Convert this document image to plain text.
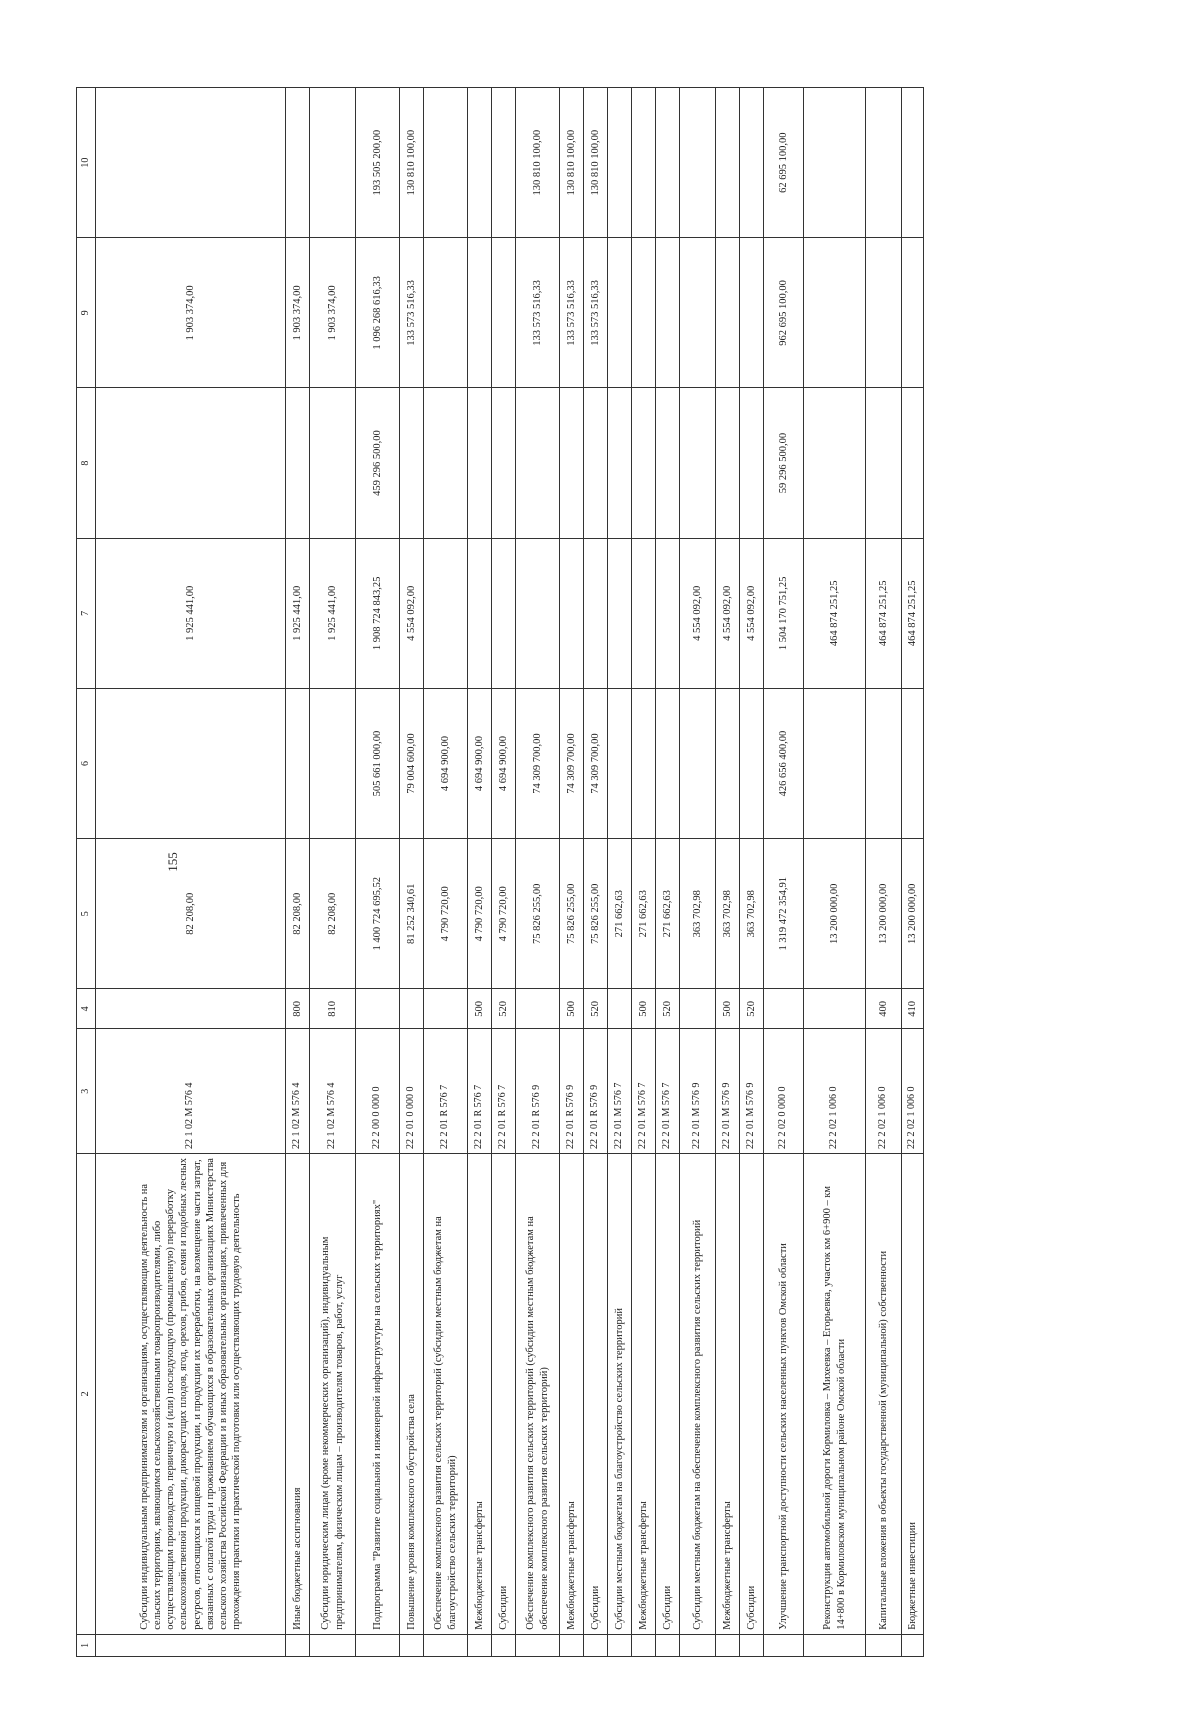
155
1	2	3	4	5	6	7	8	9	10
	Субсидии индивидуальным предпринимателям и организациям, осуществляющим деятельность на сельских территориях, являющимся сельскохозяйственными товаропроизводителями, либо осуществляющим производство, первичную и (или) последующую (промышленную) переработку сельскохозяйственной продукции, дикорастущих плодов, ягод, орехов, грибов, семян и подобных лесных ресурсов, относящихся к пищевой продукции, и продукции их переработки, на возмещение части затрат, связанных с оплатой труда и проживанием обучающихся в образовательных организациях Министерства сельского хозяйства Российской Федерации и в иных образовательных организациях, привлеченных для прохождения практики и практической подготовки или осуществляющих трудовую деятельность	22 1 02 M 576 4		82 208,00		1 925 441,00		1 903 374,00	
	Иные бюджетные ассигнования	22 1 02 M 576 4	800	82 208,00		1 925 441,00		1 903 374,00	
	Субсидии юридическим лицам (кроме некоммерческих организаций), индивидуальным предпринимателям, физическим лицам – производителям товаров, работ, услуг	22 1 02 M 576 4	810	82 208,00		1 925 441,00		1 903 374,00	
	Подпрограмма "Развитие социальной и инженерной инфраструктуры на сельских территориях"	22 2 00 0 000 0		1 400 724 695,52	505 661 000,00	1 908 724 843,25	459 296 500,00	1 096 268 616,33	193 505 200,00
	Повышение уровня комплексного обустройства села	22 2 01 0 000 0		81 252 340,61	79 004 600,00	4 554 092,00		133 573 516,33	130 810 100,00
	Обеспечение комплексного развития сельских территорий (субсидии местным бюджетам на благоустройство сельских территорий)	22 2 01 R 576 7		4 790 720,00	4 694 900,00				
	Межбюджетные трансферты	22 2 01 R 576 7	500	4 790 720,00	4 694 900,00				
	Субсидии	22 2 01 R 576 7	520	4 790 720,00	4 694 900,00				
	Обеспечение комплексного развития сельских территорий (субсидии местным бюджетам на обеспечение комплексного развития сельских территорий)	22 2 01 R 576 9		75 826 255,00	74 309 700,00			133 573 516,33	130 810 100,00
	Межбюджетные трансферты	22 2 01 R 576 9	500	75 826 255,00	74 309 700,00			133 573 516,33	130 810 100,00
	Субсидии	22 2 01 R 576 9	520	75 826 255,00	74 309 700,00			133 573 516,33	130 810 100,00
	Субсидии местным бюджетам на благоустройство сельских территорий	22 2 01 M 576 7		271 662,63					
	Межбюджетные трансферты	22 2 01 M 576 7	500	271 662,63					
	Субсидии	22 2 01 M 576 7	520	271 662,63					
	Субсидии местным бюджетам на обеспечение комплексного развития сельских территорий	22 2 01 M 576 9		363 702,98		4 554 092,00			
	Межбюджетные трансферты	22 2 01 M 576 9	500	363 702,98		4 554 092,00			
	Субсидии	22 2 01 M 576 9	520	363 702,98		4 554 092,00			
	Улучшение транспортной доступности сельских населенных пунктов Омской области	22 2 02 0 000 0		1 319 472 354,91	426 656 400,00	1 504 170 751,25	59 296 500,00	962 695 100,00	62 695 100,00
	Реконструкция автомобильной дороги Кормиловка – Михеевка – Егорьевка, участок км 6+900 – км 14+800 в Кормиловском муниципальном районе Омской области	22 2 02 1 006 0		13 200 000,00		464 874 251,25			
	Капитальные вложения в объекты государственной (муниципальной) собственности	22 2 02 1 006 0	400	13 200 000,00		464 874 251,25			
	Бюджетные инвестиции	22 2 02 1 006 0	410	13 200 000,00		464 874 251,25			
